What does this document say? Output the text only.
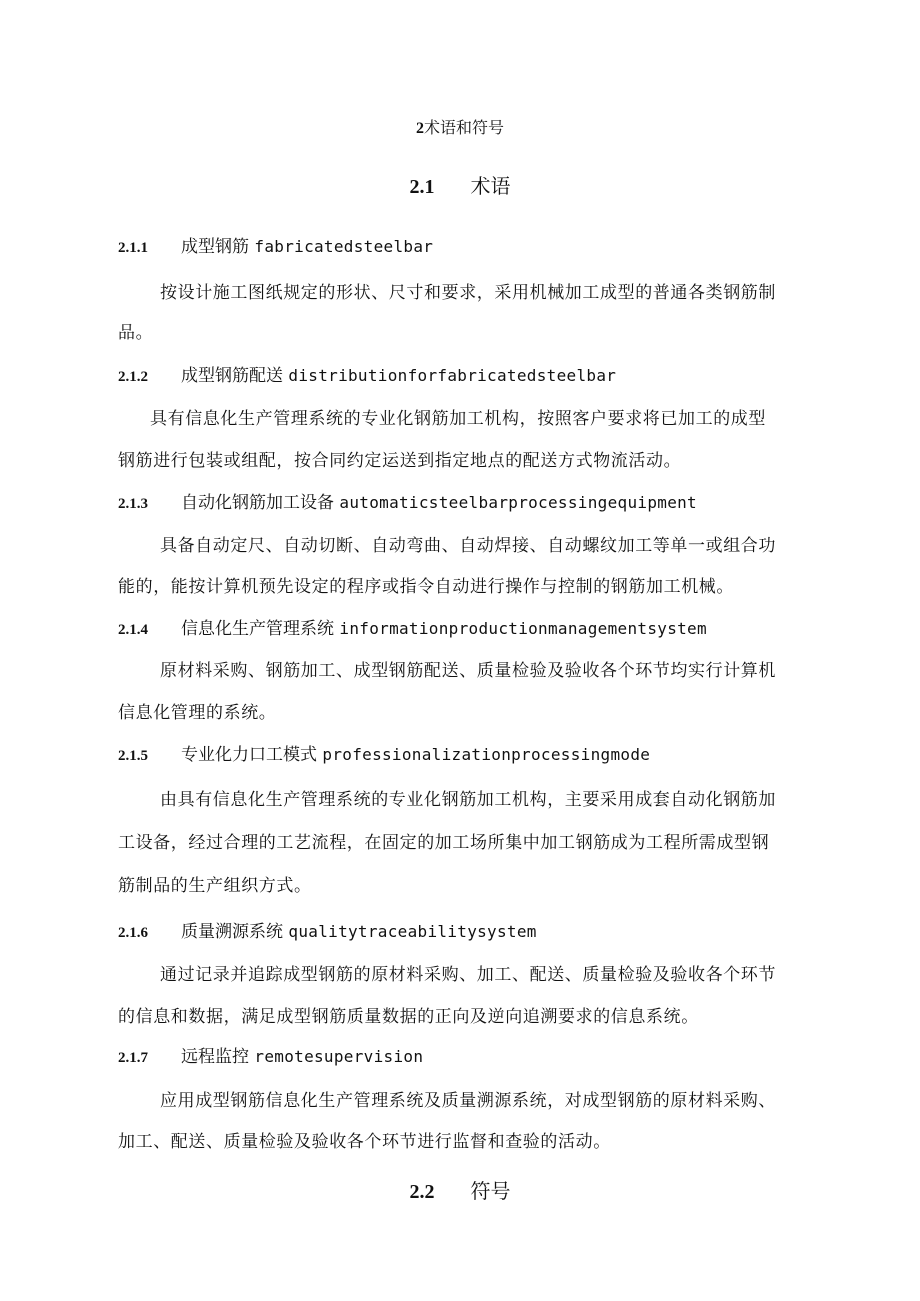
2术语和符号
2.1 术语
2.1.1 成型钢筋 fabricatedsteelbar
按设计施工图纸规定的形状、尺寸和要求，采用机械加工成型的普通各类钢筋制
品。
2.1.2 成型钢筋配送 distributionforfabricatedsteelbar
具有信息化生产管理系统的专业化钢筋加工机构，按照客户要求将已加工的成型
钢筋进行包装或组配，按合同约定运送到指定地点的配送方式物流活动。
2.1.3 自动化钢筋加工设备 automaticsteelbarprocessingequipment
具备自动定尺、自动切断、自动弯曲、自动焊接、自动螺纹加工等单一或组合功
能的，能按计算机预先设定的程序或指令自动进行操作与控制的钢筋加工机械。
2.1.4 信息化生产管理系统 informationproductionmanagementsystem
原材料采购、钢筋加工、成型钢筋配送、质量检验及验收各个环节均实行计算机
信息化管理的系统。
2.1.5 专业化力口工模式 professionalizationprocessingmode
由具有信息化生产管理系统的专业化钢筋加工机构，主要采用成套自动化钢筋加
工设备，经过合理的工艺流程，在固定的加工场所集中加工钢筋成为工程所需成型钢
筋制品的生产组织方式。
2.1.6 质量溯源系统 qualitytraceabilitysystem
通过记录并追踪成型钢筋的原材料采购、加工、配送、质量检验及验收各个环节
的信息和数据，满足成型钢筋质量数据的正向及逆向追溯要求的信息系统。
2.1.7 远程监控 remotesupervision
应用成型钢筋信息化生产管理系统及质量溯源系统，对成型钢筋的原材料采购、
加工、配送、质量检验及验收各个环节进行监督和查验的活动。
2.2 符号
